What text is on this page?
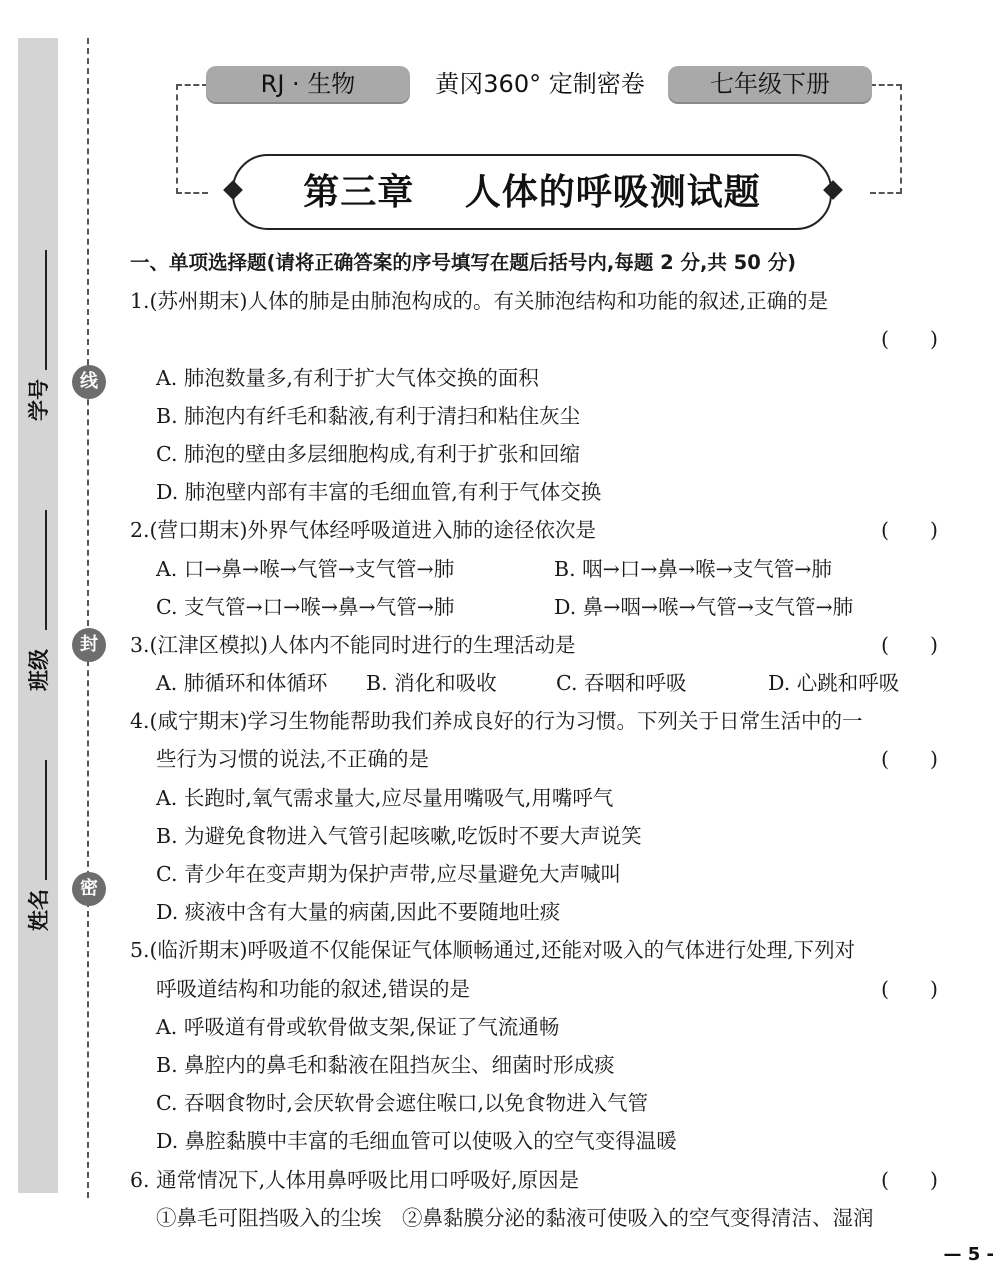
学号
班级
姓名
线
封
密
RJ · 生物	黄冈360° 定制密卷	七年级下册
第三章　 人体的呼吸测试题
一、单项选择题(请将正确答案的序号填写在题后括号内,每题 2 分,共 50 分)
1.(苏州期末)人体的肺是由肺泡构成的。有关肺泡结构和功能的叙述,正确的是
(　　)
A. 肺泡数量多,有利于扩大气体交换的面积
B. 肺泡内有纤毛和黏液,有利于清扫和粘住灰尘
C. 肺泡的壁由多层细胞构成,有利于扩张和回缩
D. 肺泡壁内部有丰富的毛细血管,有利于气体交换
2.(营口期末)外界气体经呼吸道进入肺的途径依次是	(　　)
A. 口→鼻→喉→气管→支气管→肺	B. 咽→口→鼻→喉→支气管→肺
C. 支气管→口→喉→鼻→气管→肺	D. 鼻→咽→喉→气管→支气管→肺
3.(江津区模拟)人体内不能同时进行的生理活动是	(　　)
A. 肺循环和体循环	B. 消化和吸收	C. 吞咽和呼吸	D. 心跳和呼吸
4.(咸宁期末)学习生物能帮助我们养成良好的行为习惯。下列关于日常生活中的一
些行为习惯的说法,不正确的是	(　　)
A. 长跑时,氧气需求量大,应尽量用嘴吸气,用嘴呼气
B. 为避免食物进入气管引起咳嗽,吃饭时不要大声说笑
C. 青少年在变声期为保护声带,应尽量避免大声喊叫
D. 痰液中含有大量的病菌,因此不要随地吐痰
5.(临沂期末)呼吸道不仅能保证气体顺畅通过,还能对吸入的气体进行处理,下列对
呼吸道结构和功能的叙述,错误的是	(　　)
A. 呼吸道有骨或软骨做支架,保证了气流通畅
B. 鼻腔内的鼻毛和黏液在阻挡灰尘、细菌时形成痰
C. 吞咽食物时,会厌软骨会遮住喉口,以免食物进入气管
D. 鼻腔黏膜中丰富的毛细血管可以使吸入的空气变得温暖
6. 通常情况下,人体用鼻呼吸比用口呼吸好,原因是	(　　)
①鼻毛可阻挡吸入的尘埃　②鼻黏膜分泌的黏液可使吸入的空气变得清洁、湿润
— 5 -
